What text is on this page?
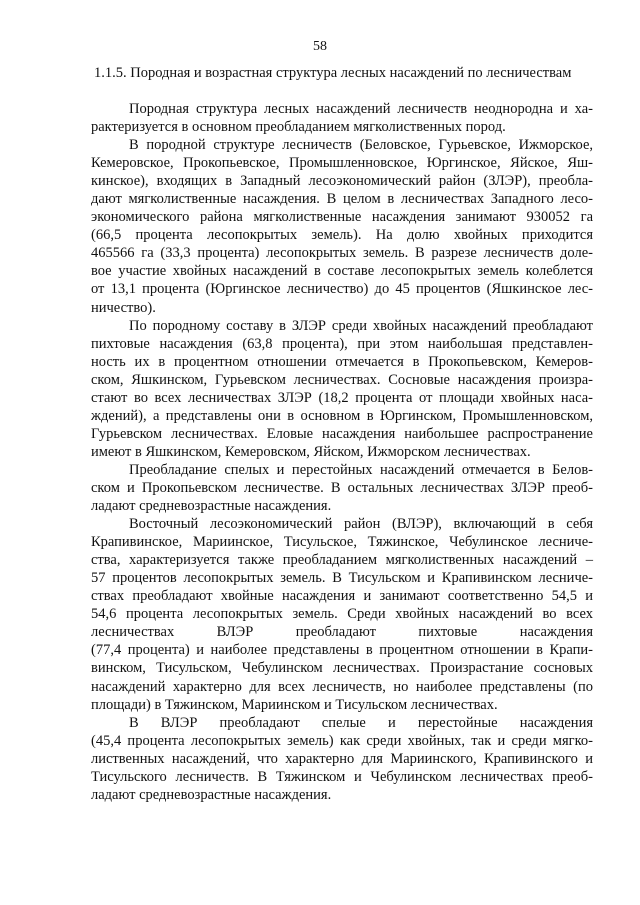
58
1.1.5. Породная и возрастная структура лесных насаждений по лесничествам
Породная структура лесных насаждений лесничеств неоднородна и ха-
рактеризуется в основном преобладанием мягколиственных пород.
В породной структуре лесничеств (Беловское, Гурьевское, Ижморское,
Кемеровское, Прокопьевское, Промышленновское, Юргинское, Яйское, Яш-
кинское), входящих в Западный лесоэкономический район (ЗЛЭР), преобла-
дают мягколиственные насаждения. В целом в лесничествах Западного лесо-
экономического района мягколиственные насаждения занимают 930052 га
(66,5 процента лесопокрытых земель). На долю хвойных приходится
465566 га (33,3 процента) лесопокрытых земель. В разрезе лесничеств доле-
вое участие хвойных насаждений в составе лесопокрытых земель колеблется
от 13,1 процента (Юргинское лесничество) до 45 процентов (Яшкинское лес-
ничество).
По породному составу в ЗЛЭР среди хвойных насаждений преобладают
пихтовые насаждения (63,8 процента), при этом наибольшая представлен-
ность их в процентном отношении отмечается в Прокопьевском, Кемеров-
ском, Яшкинском, Гурьевском лесничествах. Сосновые насаждения произра-
стают во всех лесничествах ЗЛЭР (18,2 процента от площади хвойных наса-
ждений), а представлены они в основном в Юргинском, Промышленновском,
Гурьевском лесничествах. Еловые насаждения наибольшее распространение
имеют в Яшкинском, Кемеровском, Яйском, Ижморском лесничествах.
Преобладание спелых и перестойных насаждений отмечается в Белов-
ском и Прокопьевском лесничестве. В остальных лесничествах ЗЛЭР преоб-
ладают средневозрастные насаждения.
Восточный лесоэкономический район (ВЛЭР), включающий в себя
Крапивинское, Мариинское, Тисульское, Тяжинское, Чебулинское лесниче-
ства, характеризуется также преобладанием мягколиственных насаждений –
57 процентов лесопокрытых земель. В Тисульском и Крапивинском лесниче-
ствах преобладают хвойные насаждения и занимают соответственно 54,5 и
54,6 процента лесопокрытых земель. Среди хвойных насаждений во всех
лесничествах ВЛЭР преобладают пихтовые насаждения
(77,4 процента) и наиболее представлены в процентном отношении в Крапи-
винском, Тисульском, Чебулинском лесничествах. Произрастание сосновых
насаждений характерно для всех лесничеств, но наиболее представлены (по
площади) в Тяжинском, Мариинском и Тисульском лесничествах.
В ВЛЭР преобладают спелые и перестойные насаждения
(45,4 процента лесопокрытых земель) как среди хвойных, так и среди мягко-
лиственных насаждений, что характерно для Мариинского, Крапивинского и
Тисульского лесничеств. В Тяжинском и Чебулинском лесничествах преоб-
ладают средневозрастные насаждения.
